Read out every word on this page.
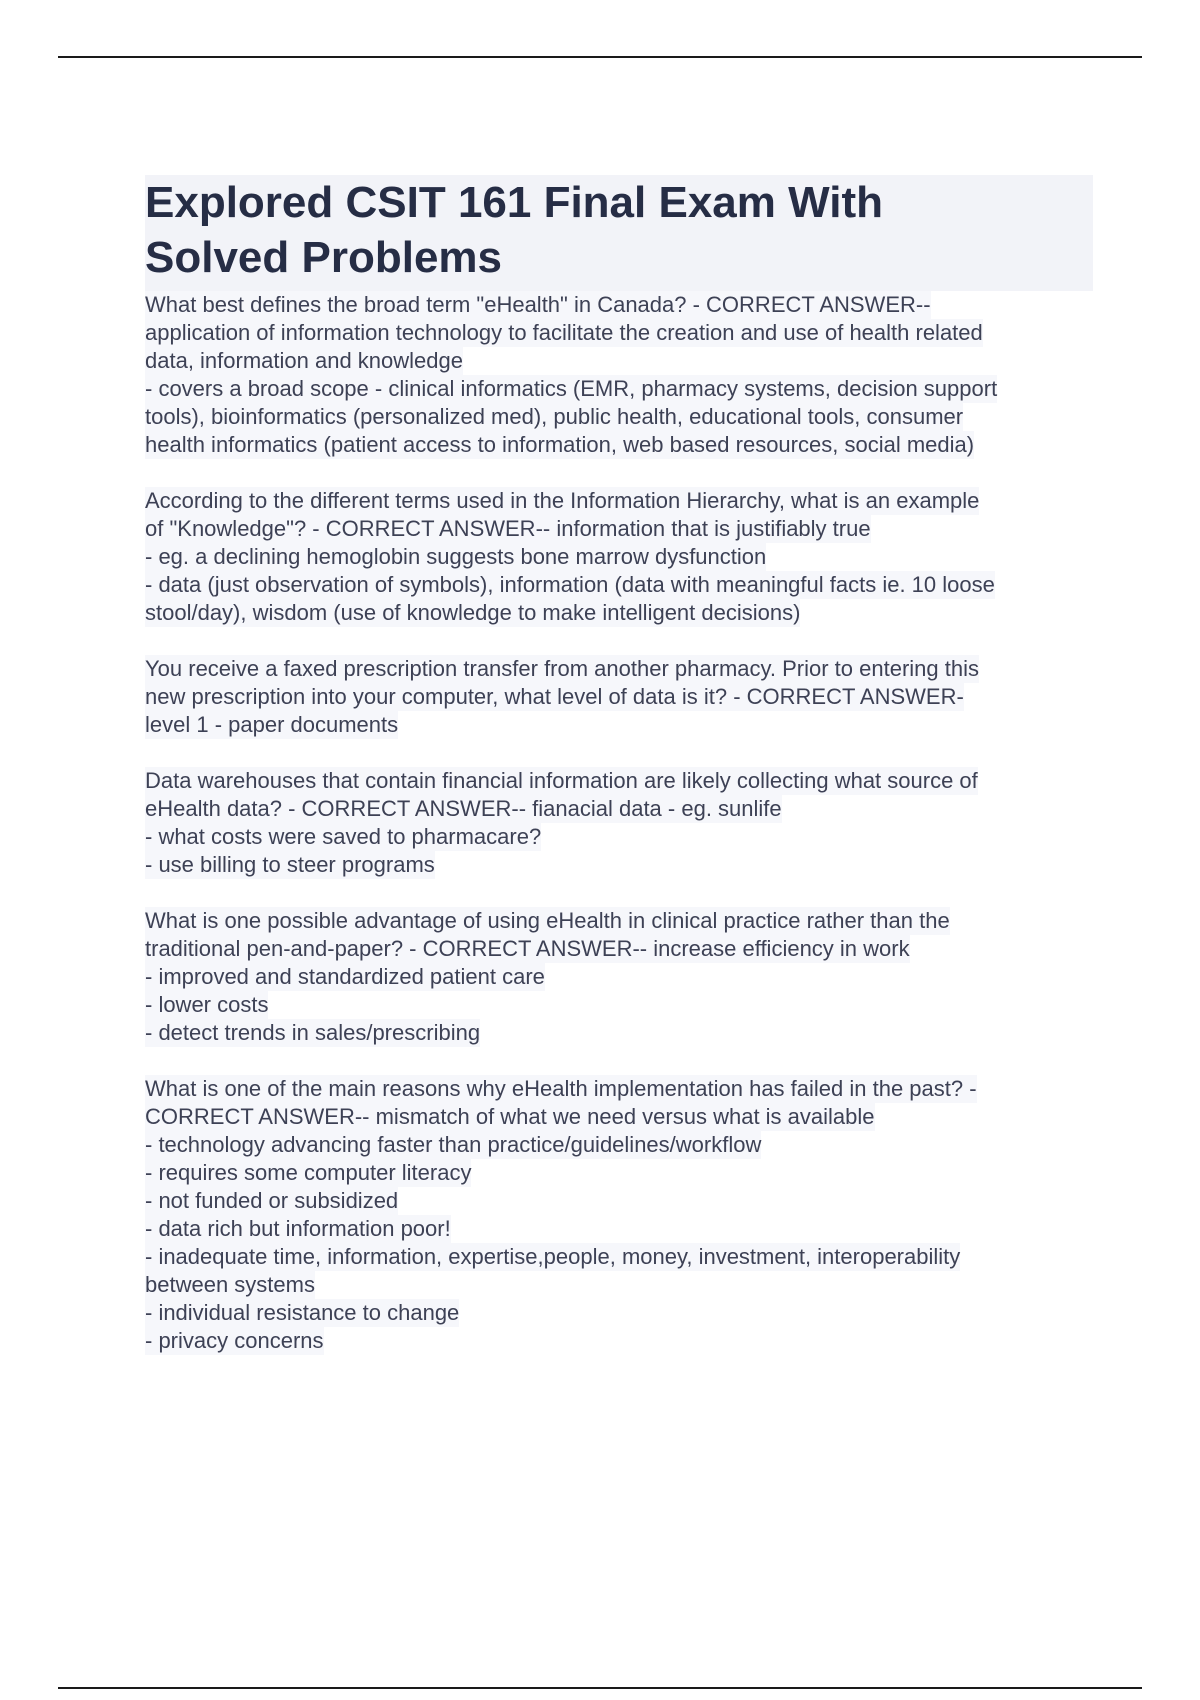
Explored CSIT 161 Final Exam With
Solved Problems
What best defines the broad term "eHealth" in Canada? - CORRECT ANSWER--
application of information technology to facilitate the creation and use of health related
data, information and knowledge
- covers a broad scope - clinical informatics (EMR, pharmacy systems, decision support
tools), bioinformatics (personalized med), public health, educational tools, consumer
health informatics (patient access to information, web based resources, social media)
According to the different terms used in the Information Hierarchy, what is an example
of "Knowledge"? - CORRECT ANSWER-- information that is justifiably true
- eg. a declining hemoglobin suggests bone marrow dysfunction
- data (just observation of symbols), information (data with meaningful facts ie. 10 loose
stool/day), wisdom (use of knowledge to make intelligent decisions)
You receive a faxed prescription transfer from another pharmacy. Prior to entering this
new prescription into your computer, what level of data is it? - CORRECT ANSWER-
level 1 - paper documents
Data warehouses that contain financial information are likely collecting what source of
eHealth data? - CORRECT ANSWER-- fianacial data - eg. sunlife
- what costs were saved to pharmacare?
- use billing to steer programs
What is one possible advantage of using eHealth in clinical practice rather than the
traditional pen-and-paper? - CORRECT ANSWER-- increase efficiency in work
- improved and standardized patient care
- lower costs
- detect trends in sales/prescribing
What is one of the main reasons why eHealth implementation has failed in the past? -
CORRECT ANSWER-- mismatch of what we need versus what is available
- technology advancing faster than practice/guidelines/workflow
- requires some computer literacy
- not funded or subsidized
- data rich but information poor!
- inadequate time, information, expertise,people, money, investment, interoperability
between systems
- individual resistance to change
- privacy concerns
